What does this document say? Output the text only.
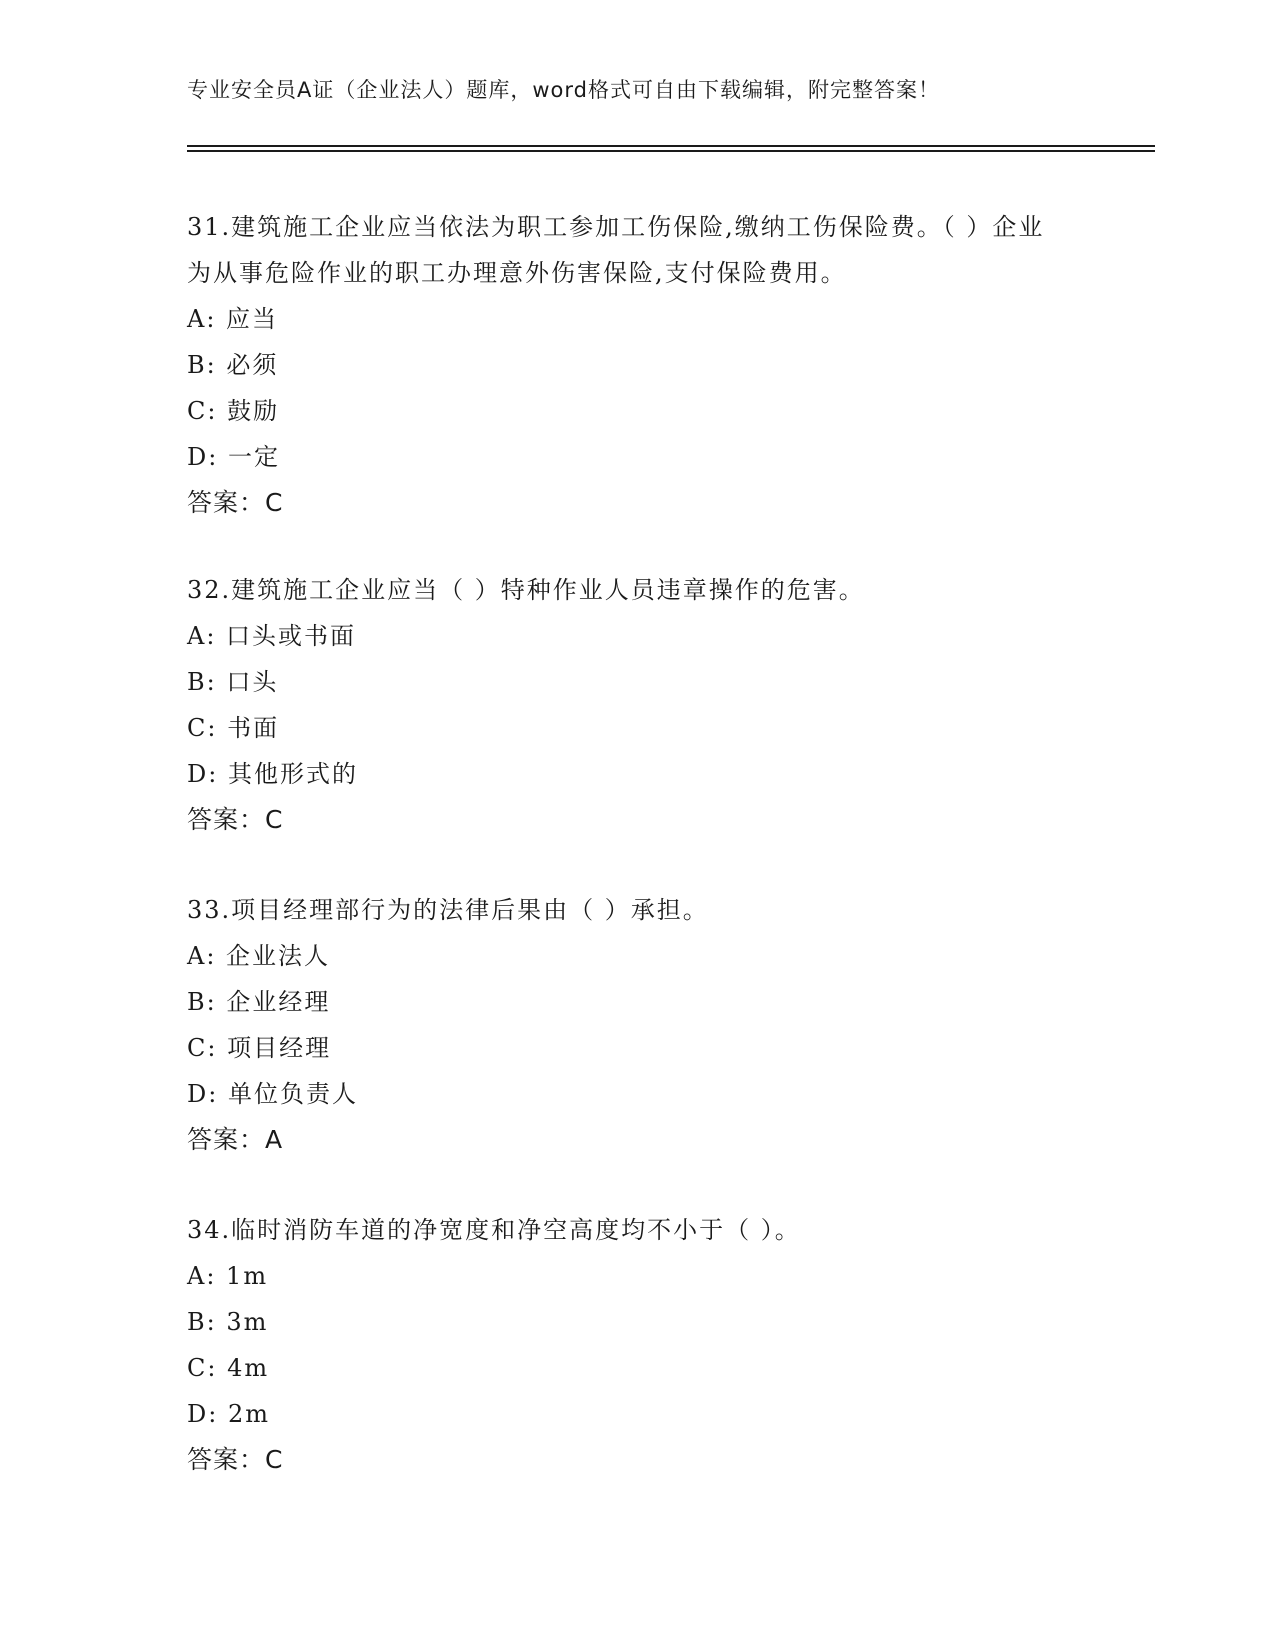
专业安全员A证（企业法人）题库，word格式可自由下载编辑，附完整答案！

31.建筑施工企业应当依法为职工参加工伤保险,缴纳工伤保险费。（ ）企业为从事危险作业的职工办理意外伤害保险,支付保险费用。

A: 应当

B: 必须

C: 鼓励

D: 一定

答案：C

32.建筑施工企业应当（ ）特种作业人员违章操作的危害。

A: 口头或书面

B: 口头

C: 书面

D: 其他形式的

答案：C

33.项目经理部行为的法律后果由（ ）承担。

A: 企业法人

B: 企业经理

C: 项目经理

D: 单位负责人

答案：A

34.临时消防车道的净宽度和净空高度均不小于（ ）。

A: 1m

B: 3m

C: 4m

D: 2m

答案：C
